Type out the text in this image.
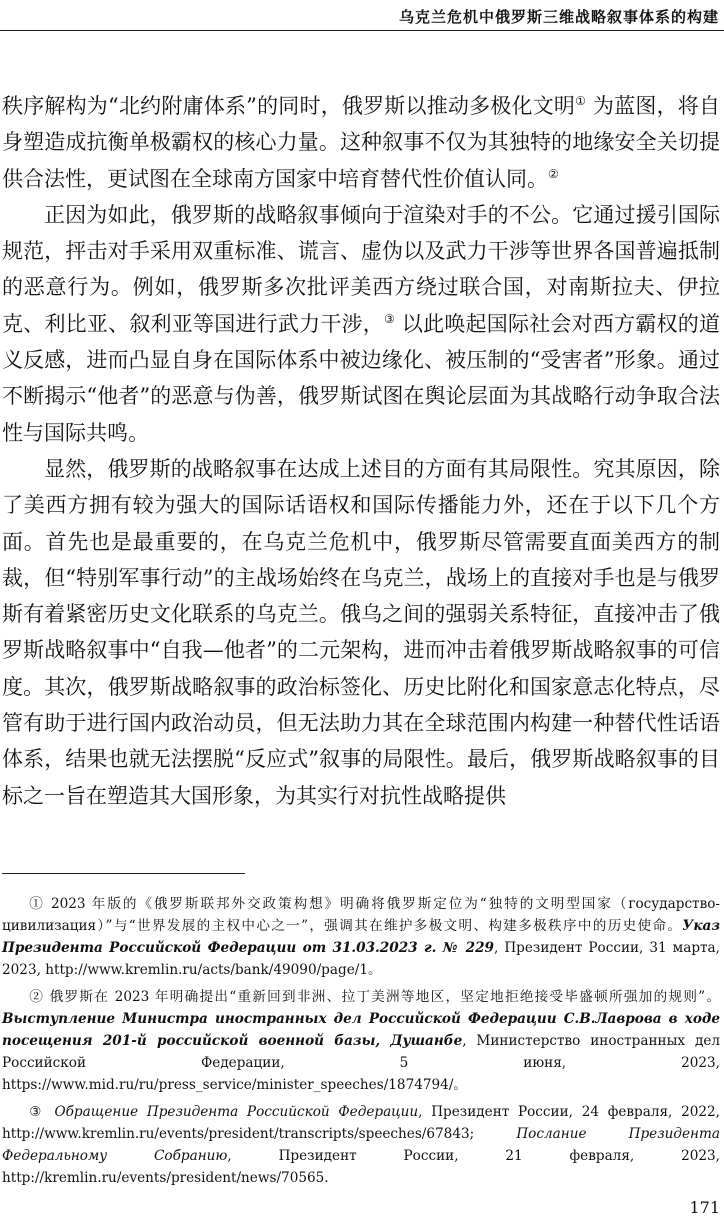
乌克兰危机中俄罗斯三维战略叙事体系的构建

秩序解构为“北约附庸体系”的同时，俄罗斯以推动多极化文明① 为蓝图，将自身塑造成抗衡单极霸权的核心力量。这种叙事不仅为其独特的地缘安全关切提供合法性，更试图在全球南方国家中培育替代性价值认同。②

正因为如此，俄罗斯的战略叙事倾向于渲染对手的不公。它通过援引国际规范，抨击对手采用双重标准、谎言、虚伪以及武力干涉等世界各国普遍抵制的恶意行为。例如，俄罗斯多次批评美西方绕过联合国，对南斯拉夫、伊拉克、利比亚、叙利亚等国进行武力干涉，③ 以此唤起国际社会对西方霸权的道义反感，进而凸显自身在国际体系中被边缘化、被压制的“受害者”形象。通过不断揭示“他者”的恶意与伪善，俄罗斯试图在舆论层面为其战略行动争取合法性与国际共鸣。

显然，俄罗斯的战略叙事在达成上述目的方面有其局限性。究其原因，除了美西方拥有较为强大的国际话语权和国际传播能力外，还在于以下几个方面。首先也是最重要的，在乌克兰危机中，俄罗斯尽管需要直面美西方的制裁，但“特别军事行动”的主战场始终在乌克兰，战场上的直接对手也是与俄罗斯有着紧密历史文化联系的乌克兰。俄乌之间的强弱关系特征，直接冲击了俄罗斯战略叙事中“自我—他者”的二元架构，进而冲击着俄罗斯战略叙事的可信度。其次，俄罗斯战略叙事的政治标签化、历史比附化和国家意志化特点，尽管有助于进行国内政治动员，但无法助力其在全球范围内构建一种替代性话语体系，结果也就无法摆脱“反应式”叙事的局限性。最后，俄罗斯战略叙事的目标之一旨在塑造其大国形象，为其实行对抗性战略提供

① 2023 年版的《俄罗斯联邦外交政策构想》明确将俄罗斯定位为“独特的文明型国家（государство-цивилизация）”与“世界发展的主权中心之一”，强调其在维护多极文明、构建多极秩序中的历史使命。Указ Президента Российской Федерации от 31.03.2023 г. № 229, Президент России, 31 марта, 2023, http://www.kremlin.ru/acts/bank/49090/page/1。

② 俄罗斯在 2023 年明确提出“重新回到非洲、拉丁美洲等地区，坚定地拒绝接受毕盛顿所强加的规则”。Выступление Министра иностранных дел Российской Федерации С.В.Лаврова в ходе посещения 201-й российской военной базы, Душанбе, Министерство иностранных дел Российской Федерации, 5 июня, 2023, https://www.mid.ru/ru/press_service/minister_speeches/1874794/。

③ Обращение Президента Российской Федерации, Президент России, 24 февраля, 2022, http://www.kremlin.ru/events/president/transcripts/speeches/67843; Послание Президента Федеральному Собранию, Президент России, 21 февраля, 2023, http://kremlin.ru/events/president/news/70565.

171
